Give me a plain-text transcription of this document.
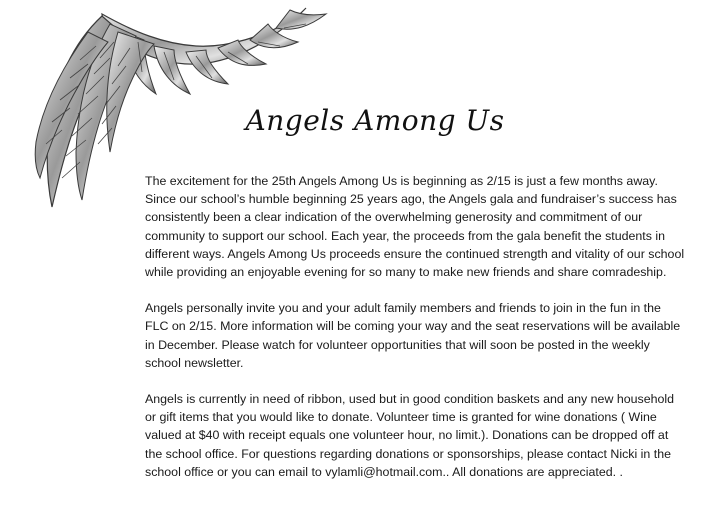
Angels Among Us

The excitement for the 25th Angels Among Us is beginning as 2/15 is just a few months away. Since our school’s humble beginning 25 years ago, the Angels gala and fundraiser’s success has consistently been a clear indication of the overwhelming generosity and commitment of our community to support our school. Each year, the proceeds from the gala benefit the students in different ways. Angels Among Us proceeds ensure the continued strength and vitality of our school while providing an enjoyable evening for so many to make new friends and share comradeship.

Angels personally invite you and your adult family members and friends to join in the fun in the FLC on 2/15. More information will be coming your way and the seat reservations will be available in December. Please watch for volunteer opportunities that will soon be posted in the weekly school newsletter.

Angels is currently in need of ribbon, used but in good condition baskets and any new household or gift items that you would like to donate. Volunteer time is granted for wine donations ( Wine valued at $40 with receipt equals one volunteer hour, no limit.). Donations can be dropped off at the school office. For questions regarding donations or sponsorships, please contact Nicki in the school office or you can email to vylamli@hotmail.com.. All donations are appreciated. .
